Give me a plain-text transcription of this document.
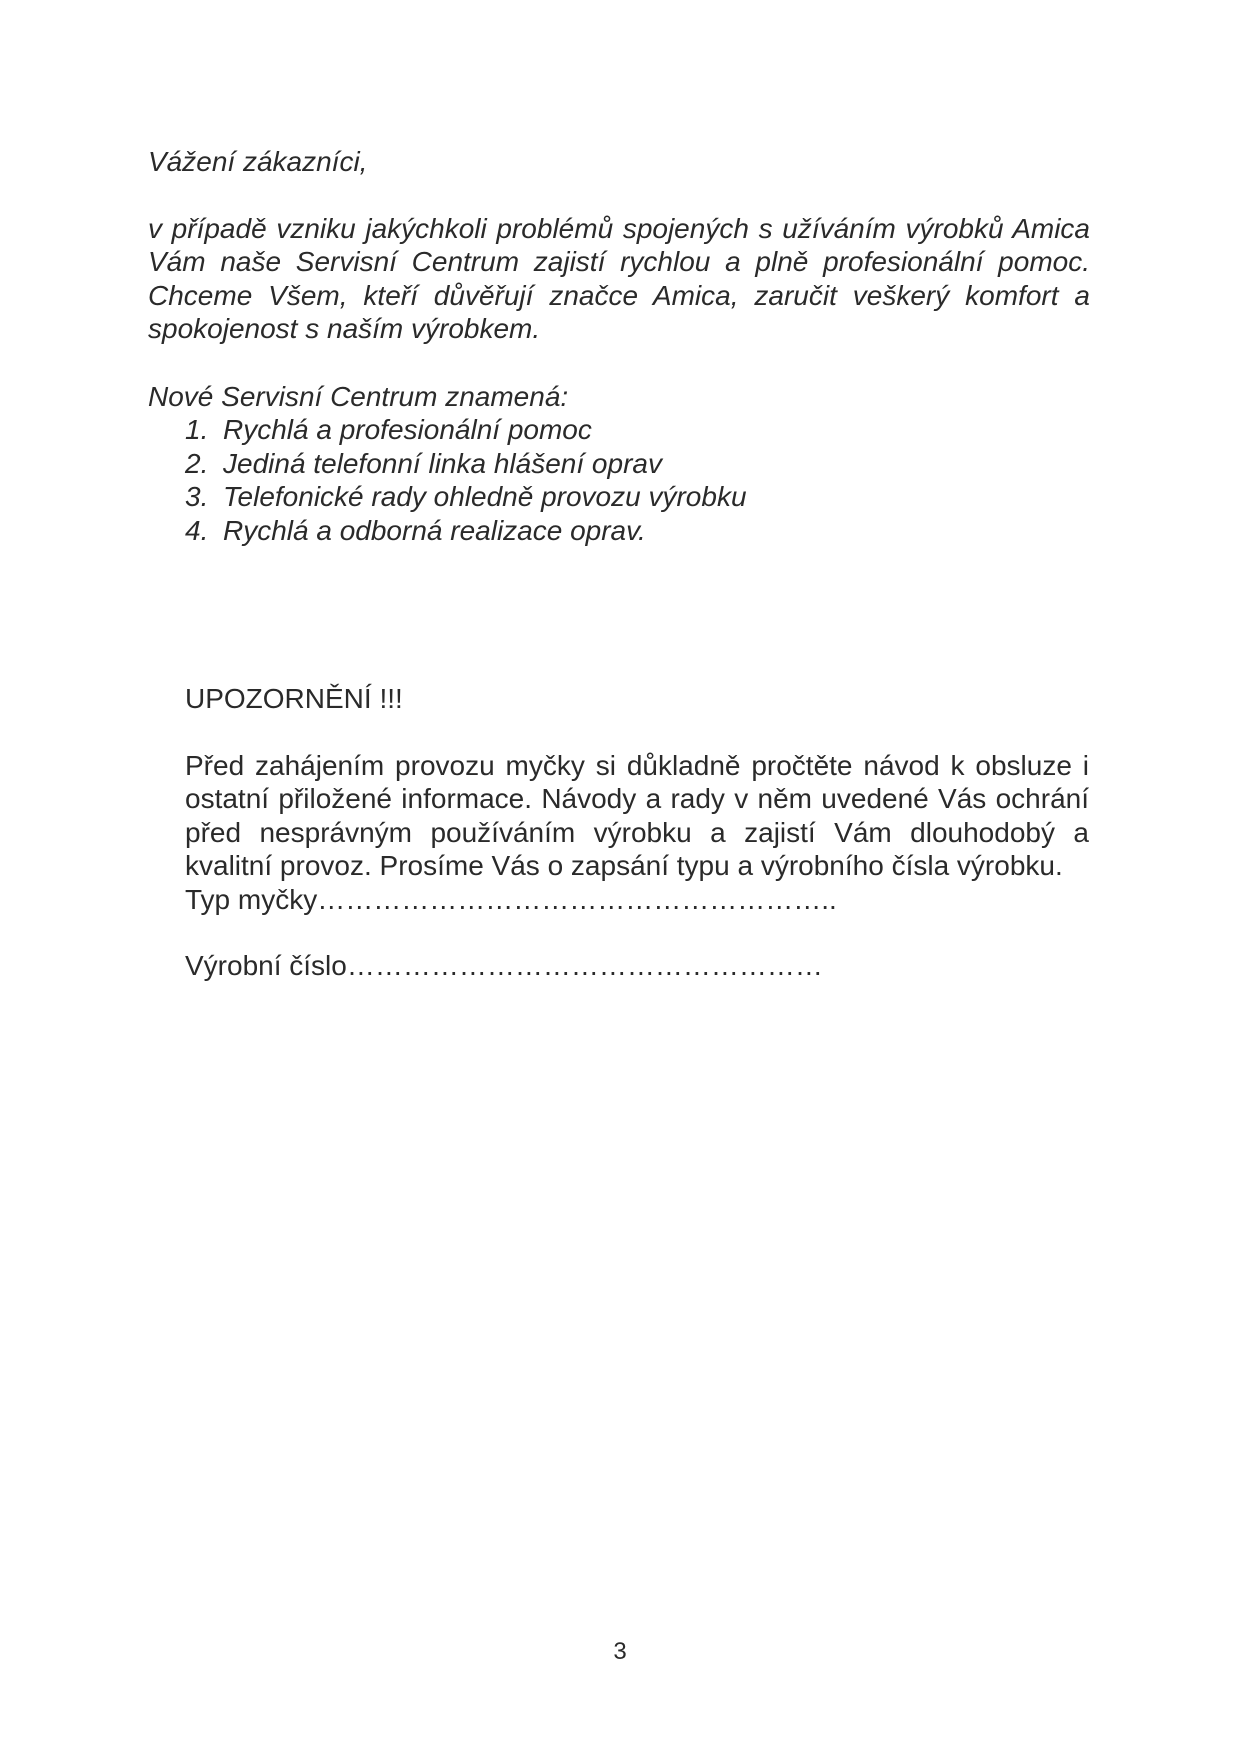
Vážení zákazníci,

v případě vzniku jakýchkoli problémů spojených s užíváním výrobků Amica Vám naše Servisní Centrum zajistí rychlou a plně profesionální pomoc. Chceme Všem, kteří důvěřují značce Amica, zaručit veškerý komfort a spokojenost s naším výrobkem.

Nové Servisní Centrum znamená:

1. Rychlá a profesionální pomoc
2. Jediná telefonní linka hlášení oprav
3. Telefonické rady ohledně provozu výrobku
4. Rychlá a odborná realizace oprav.

UPOZORNĚNÍ !!!

Před zahájením provozu myčky si důkladně pročtěte návod k obsluze i ostatní přiložené informace. Návody a rady v něm uvedené Vás ochrání před nesprávným používáním výrobku a zajistí Vám dlouhodobý a kvalitní provoz. Prosíme Vás o zapsání typu a výrobního čísla výrobku.

Typ myčky………………………………………………..

Výrobní číslo……………………………………………

3
